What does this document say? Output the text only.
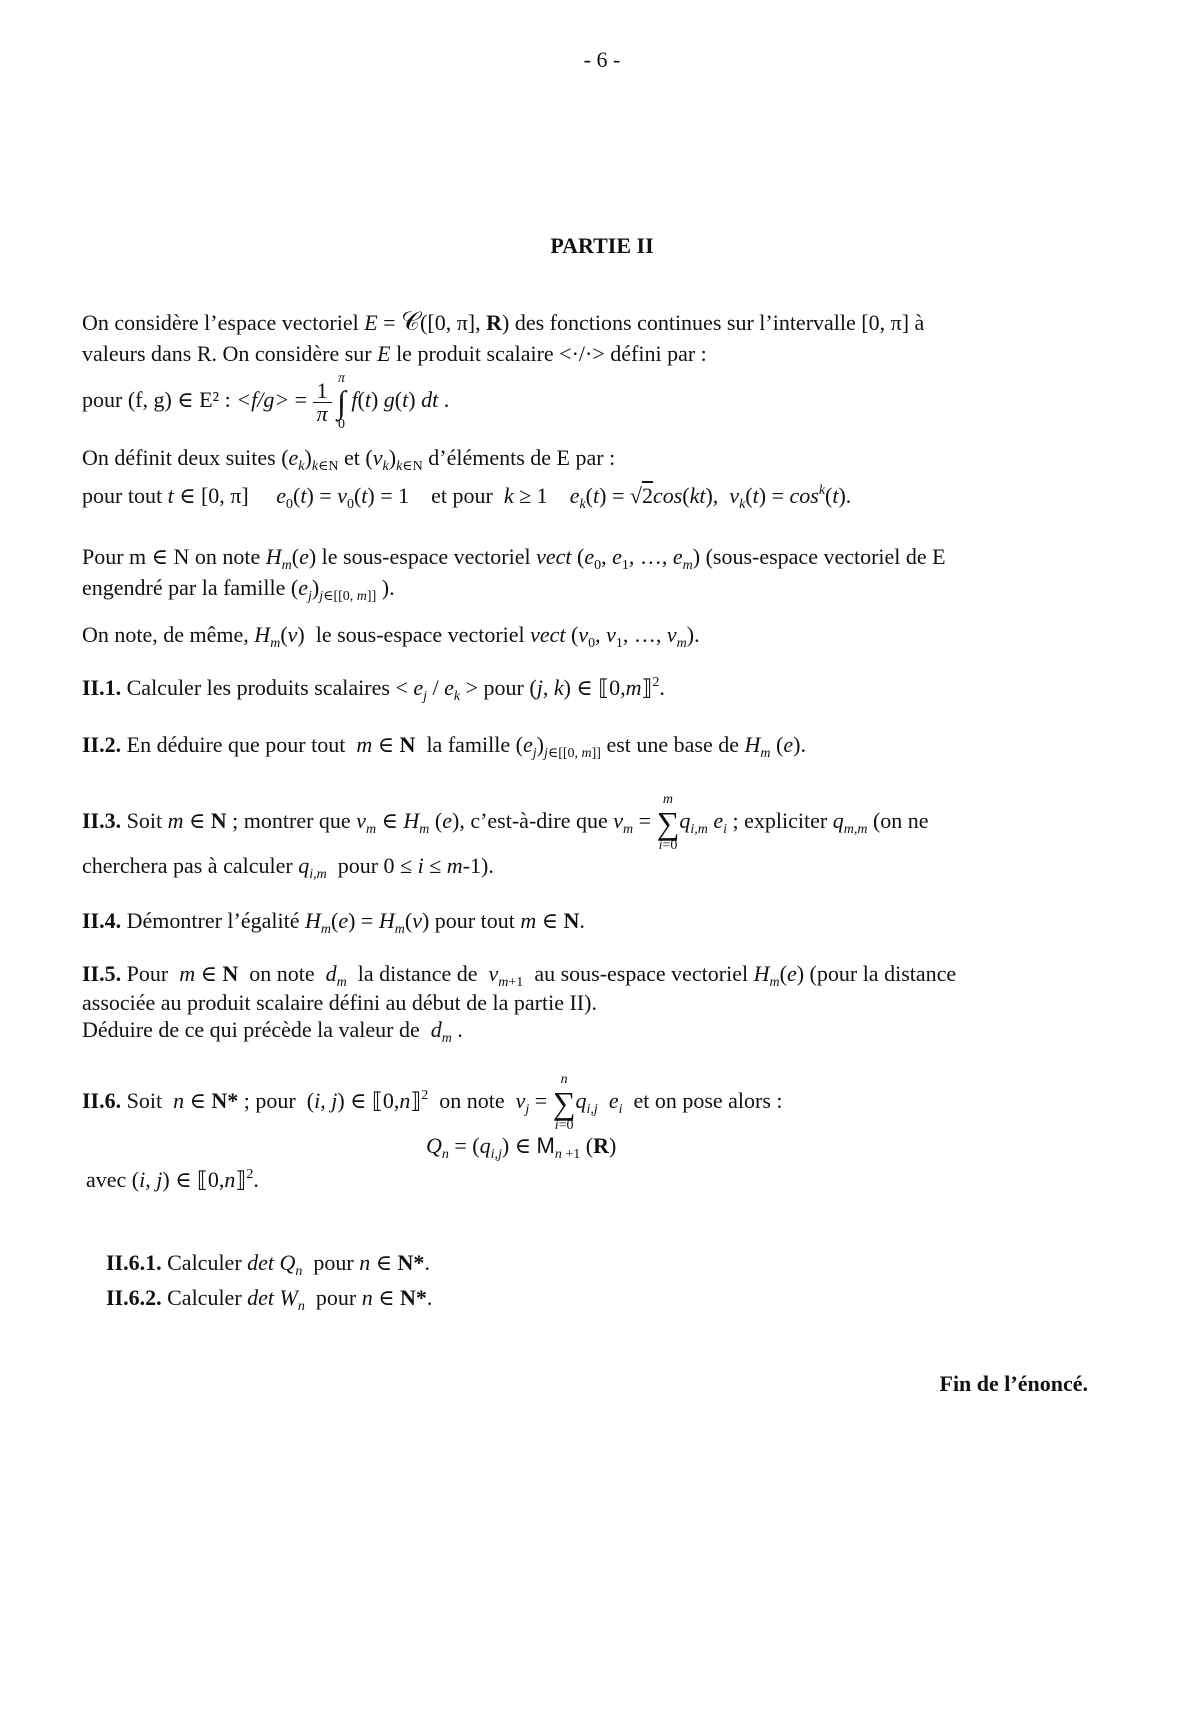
- 6 -
PARTIE II
On considère l’espace vectoriel E = 𝒞([0, π], R) des fonctions continues sur l’intervalle [0, π] à
valeurs dans R. On considère sur E le produit scalaire <·/·> défini par :
pour (f, g) ∈ E² : $<f/g> = \frac{1}{\pi}$

π
∫
0
f(t) g(t) dt .
On définit deux suites $(e_k)_{k\in N}$ et $(v_k)_{k\in N}$ d’éléments de E par :
pour tout t ∈ [0, π]     $e_0(t) = v_0(t) = 1$    et pour k ≥ 1    $e_k(t) = √2\cos(kt)$,  $v_k(t) = \cos^k(t)$.
Pour m ∈ N on note $H_m(e)$ le sous-espace vectoriel vect ($e_0$, $e_1$, …, $e_m$) (sous-espace vectoriel de E
engendré par la famille $(e_j)_{j\in[[0, m]]}$ ).
On note, de même, $H_m(v)$  le sous-espace vectoriel vect ($v_0$, $v_1$, …, $v_m$).
II.1. Calculer les produits scalaires < $e_j / e_k$ > pour (j, k) ∈ ⟦0,m⟧$^2$.
II.2. En déduire que pour tout m ∈ N la famille $(e_j)_{j\in[[0, m]]}$ est une base de $H_m$ (e).
II.3. Soit m ∈ N ; montrer que $v_m$ ∈ $H_m$ (e), c’est-à-dire que $v_m$ =
m
∑
i=0
$q_{i,m}$ $e_i$ ; expliciter $q_{m,m}$ (on ne
cherchera pas à calculer $q_{i,m}$ pour 0 ≤ i ≤ m-1).
II.4. Démontrer l’égalité $H_m(e) = H_m(v)$ pour tout m ∈ N.
II.5. Pour m ∈ N on note $d_m$ la distance de $v_{m+1}$ au sous-espace vectoriel $H_m(e)$ (pour la distance
associée au produit scalaire défini au début de la partie II).
Déduire de ce qui précède la valeur de $d_m$ .
II.6. Soit n ∈ N* ; pour  (i, j) ∈ ⟦0,n⟧$^2$ on note $v_j$ =
n
∑
i=0
$q_{i,j}$ $e_i$ et on pose alors :
$Q_n = (q_{i,j})$ ∈ $M_{n +1}$ (R)
avec (i, j) ∈ ⟦0,n⟧$^2$.
II.6.1. Calculer $\det Q_n$ pour n ∈ N*.
II.6.2. Calculer $\det W_n$ pour n ∈ N*.
Fin de l’énoncé.
